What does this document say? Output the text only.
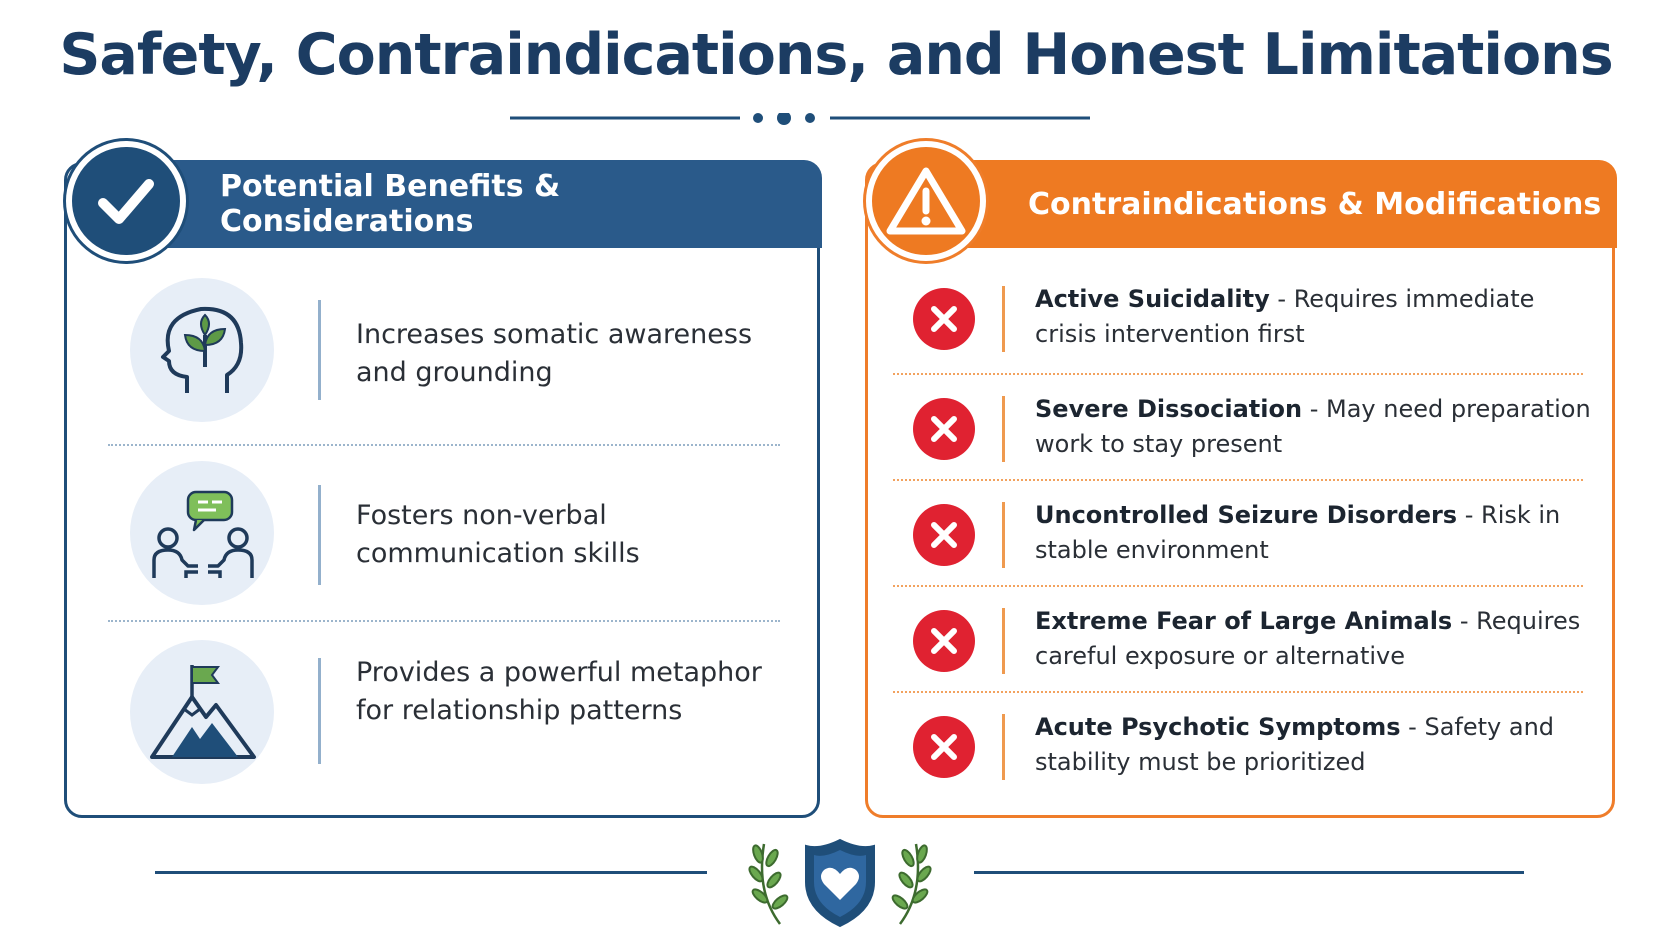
Safety, Contraindications, and Honest Limitations
Potential Benefits & Considerations
Increases somatic awareness and grounding
Fosters non-verbal communication skills
Provides a powerful metaphor for relationship patterns
Contraindications & Modifications
Active Suicidality - Requires immediate crisis intervention first
Severe Dissociation - May need preparation work to stay present
Uncontrolled Seizure Disorders - Risk in stable environment
Extreme Fear of Large Animals - Requires careful exposure or alternative
Acute Psychotic Symptoms - Safety and stability must be prioritized
